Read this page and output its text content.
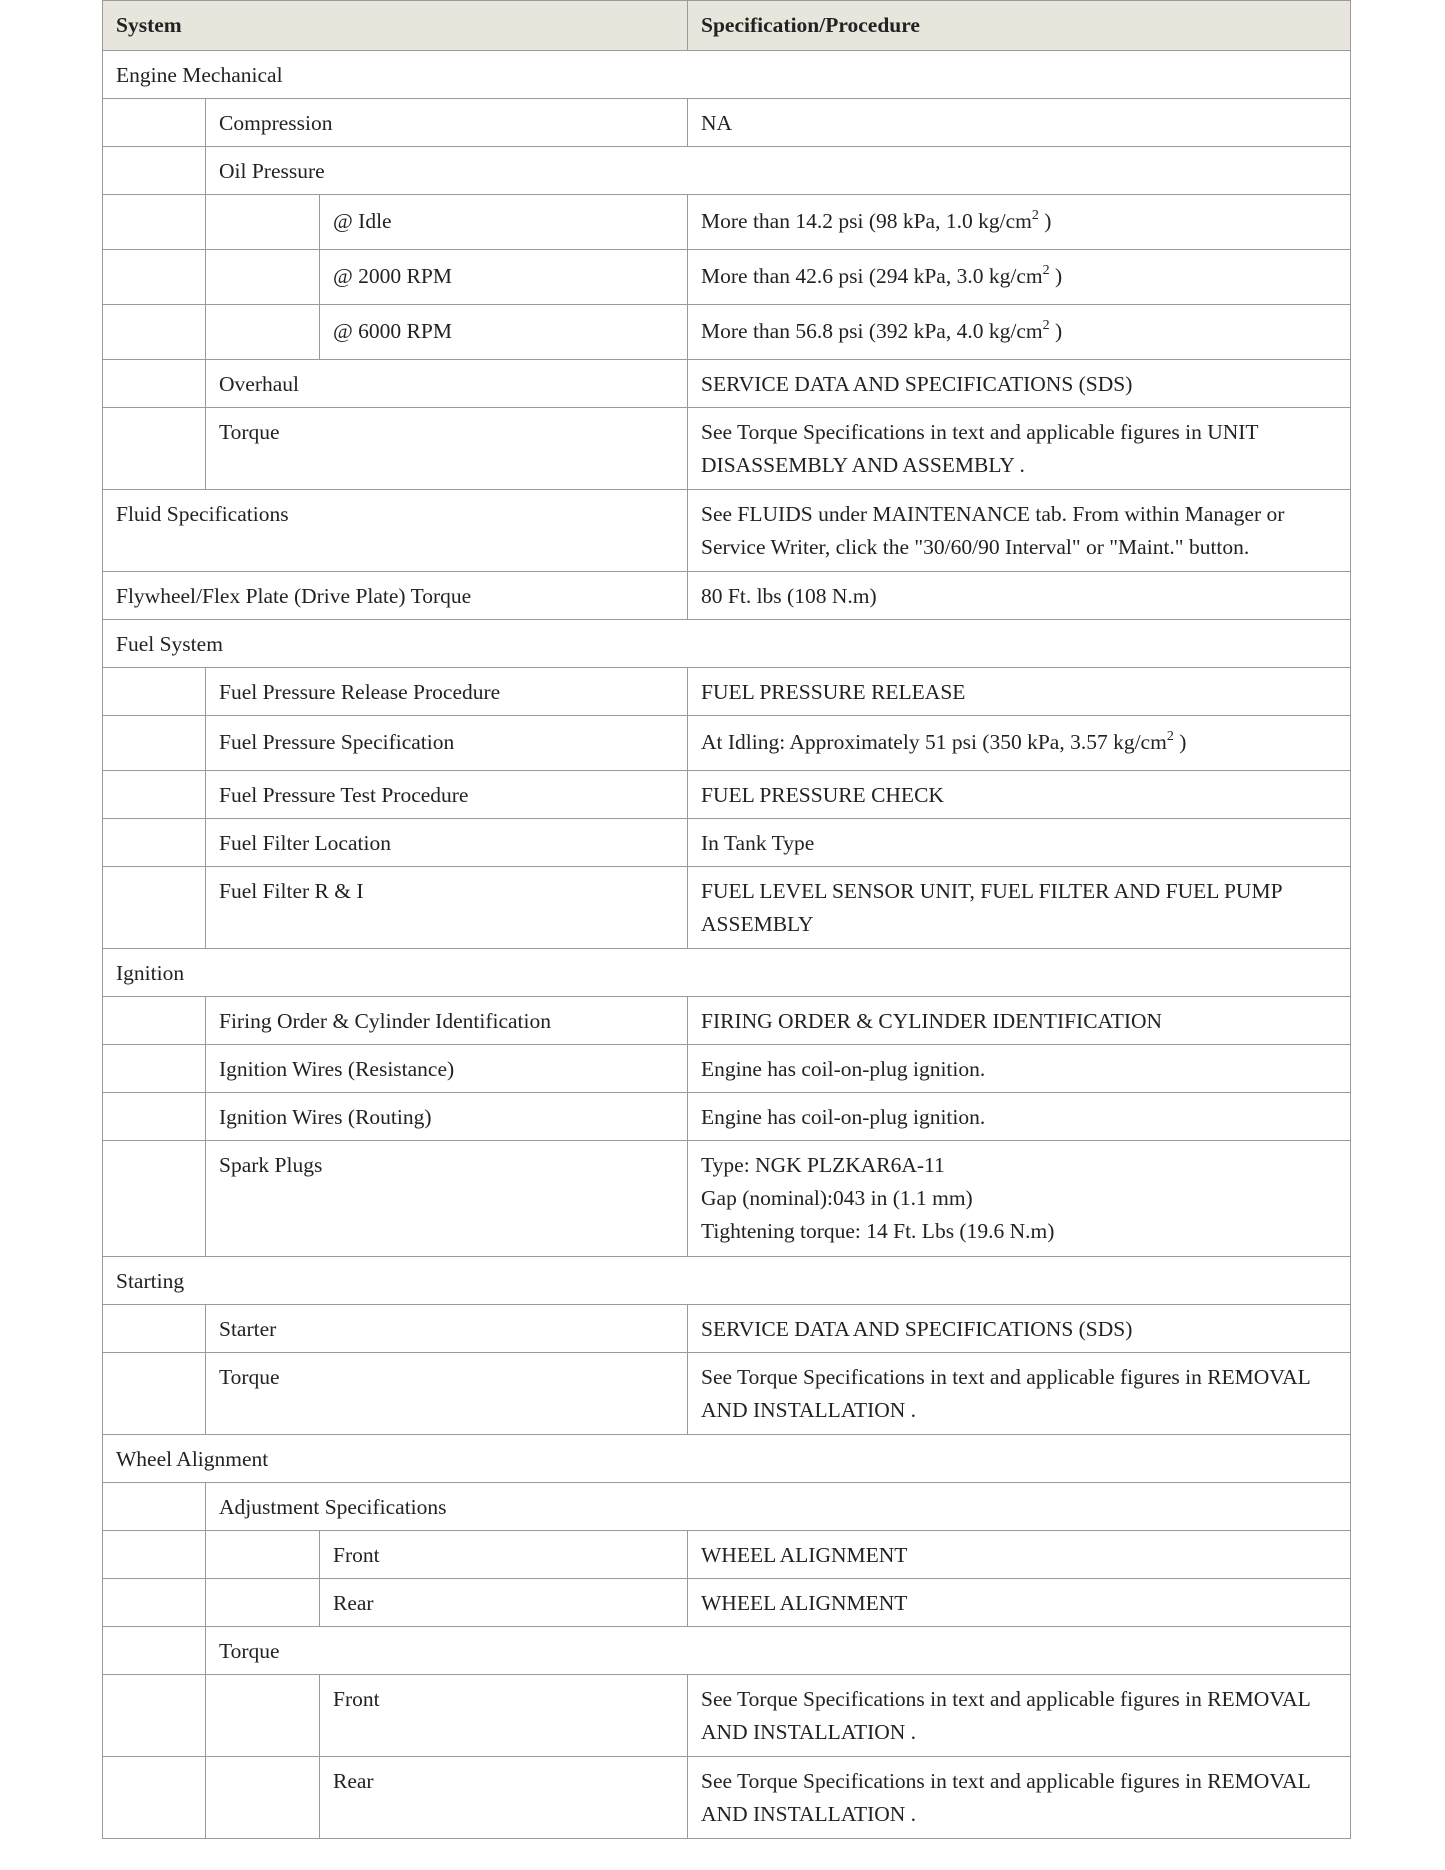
System			Specification/Procedure
Engine Mechanical			
	Compression		NA
	Oil Pressure		
		@ Idle	More than 14.2 psi (98 kPa, 1.0 $kg/cm^2$ )
		@ 2000 RPM	More than 42.6 psi (294 kPa, 3.0 $kg/cm^2$ )
		@ 6000 RPM	More than 56.8 psi (392 kPa, 4.0 $kg/cm^2$ )
	Overhaul		SERVICE DATA AND SPECIFICATIONS (SDS)
	Torque		See Torque Specifications in text and applicable figures in UNIT
DISASSEMBLY AND ASSEMBLY .

Fluid Specifications			See FLUIDS under MAINTENANCE tab. From within Manager or
Service Writer, click the "30/60/90 Interval" or "Maint." button.

Flywheel/Flex Plate (Drive Plate) Torque			80 Ft. lbs (108 N.m)
Fuel System			
	Fuel Pressure Release Procedure		FUEL PRESSURE RELEASE
	Fuel Pressure Specification		At Idling: Approximately 51 psi (350 kPa, 3.57 $kg/cm^2$ )
	Fuel Pressure Test Procedure		FUEL PRESSURE CHECK
	Fuel Filter Location		In Tank Type
	Fuel Filter R & I		FUEL LEVEL SENSOR UNIT, FUEL FILTER AND FUEL PUMP
ASSEMBLY

Ignition			
	Firing Order & Cylinder Identification		FIRING ORDER & CYLINDER IDENTIFICATION
	Ignition Wires (Resistance)		Engine has coil-on-plug ignition.
	Ignition Wires (Routing)		Engine has coil-on-plug ignition.
	Spark Plugs		Type: NGK PLZKAR6A-11
Gap (nominal):043 in (1.1 mm)
Tightening torque: 14 Ft. Lbs (19.6 N.m)

Starting			
	Starter		SERVICE DATA AND SPECIFICATIONS (SDS)
	Torque		See Torque Specifications in text and applicable figures in REMOVAL
AND INSTALLATION .

Wheel Alignment			
	Adjustment Specifications		
		Front	WHEEL ALIGNMENT
		Rear	WHEEL ALIGNMENT
	Torque		
		Front	See Torque Specifications in text and applicable figures in REMOVAL
AND INSTALLATION .

		Rear	See Torque Specifications in text and applicable figures in REMOVAL
AND INSTALLATION .
